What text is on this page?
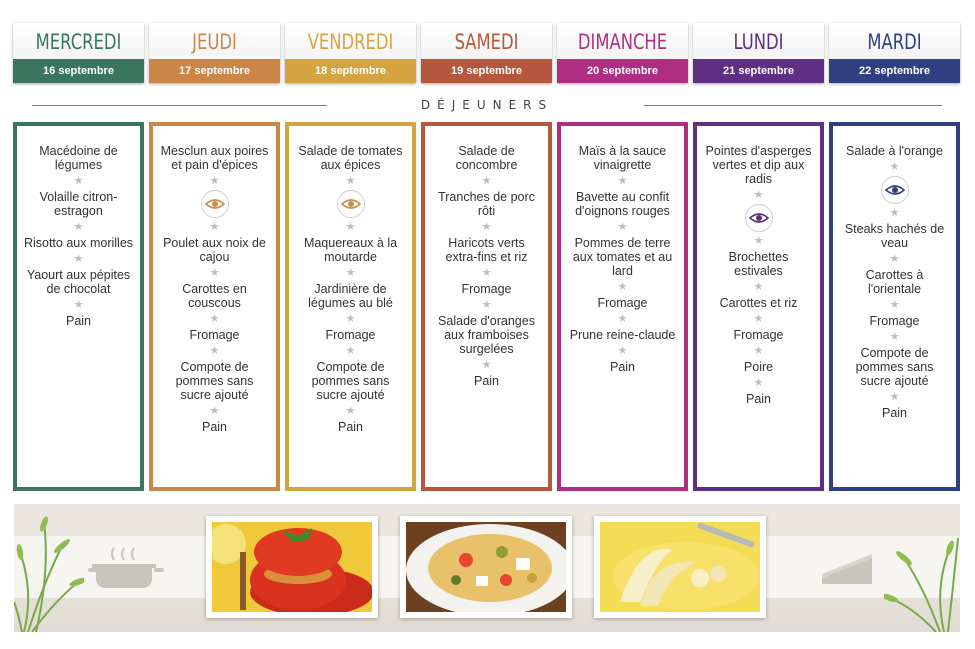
MERCREDI
16 septembre
JEUDI
17 septembre
VENDREDI
18 septembre
SAMEDI
19 septembre
DIMANCHE
20 septembre
LUNDI
21 septembre
MARDI
22 septembre
DÉJEUNERS
Macédoine de légumes
★
Volaille citron-estragon
★
Risotto aux morilles
★
Yaourt aux pépites de chocolat
★
Pain
Mesclun aux poires et pain d'épices
★
★
Poulet aux noix de cajou
★
Carottes en couscous
★
Fromage
★
Compote de pommes sans sucre ajouté
★
Pain
Salade de tomates aux épices
★
★
Maquereaux à la moutarde
★
Jardinière de légumes au blé
★
Fromage
★
Compote de pommes sans sucre ajouté
★
Pain
Salade de concombre
★
Tranches de porc rôti
★
Haricots verts extra-fins et riz
★
Fromage
★
Salade d'oranges aux framboises surgelées
★
Pain
Maïs à la sauce vinaigrette
★
Bavette au confit d'oignons rouges
★
Pommes de terre aux tomates et au lard
★
Fromage
★
Prune reine-claude
★
Pain
Pointes d'asperges vertes et dip aux radis
★
★
Brochettes estivales
★
Carottes et riz
★
Fromage
★
Poire
★
Pain
Salade à l'orange
★
★
Steaks hachés de veau
★
Carottes à l'orientale
★
Fromage
★
Compote de pommes sans sucre ajouté
★
Pain
